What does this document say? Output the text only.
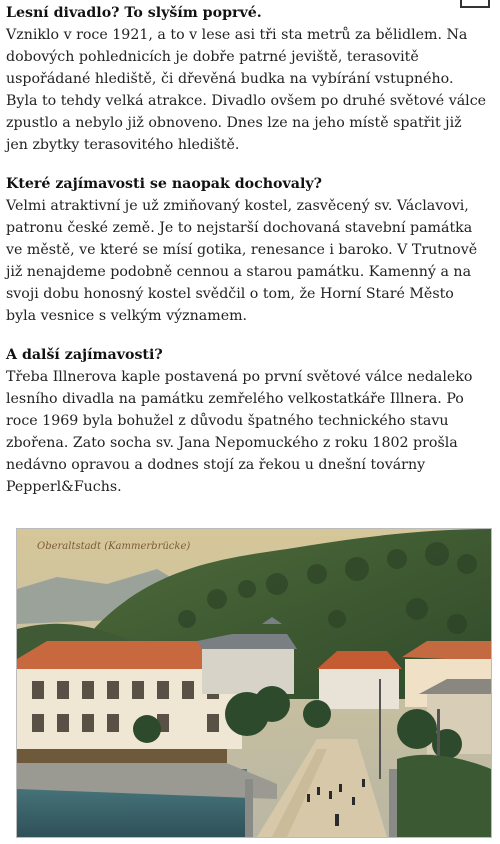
Lesní divadlo? To slyším poprvé.

Vzniklo v roce 1921, a to v lese asi tři sta metrů za bělidlem. Na dobových pohlednicích je dobře patrné jeviště, terasovitě uspořádané hlediště, či dřevěná budka na vybírání vstupného. Byla to tehdy velká atrakce. Divadlo ovšem po druhé světové válce zpustlo a nebylo již obnoveno. Dnes lze na jeho místě spatřit již jen zbytky terasovitého hlediště.

Které zajímavosti se naopak dochovaly?

Velmi atraktivní je už zmiňovaný kostel, zasvěcený sv. Václavovi, patronu české země. Je to nejstarší dochovaná stavební památka ve městě, ve které se mísí gotika, renesance i baroko. V Trutnově již nenajdeme podobně cennou a starou památku. Kamenný a na svoji dobu honosný kostel svědčil o tom, že Horní Staré Město byla vesnice s velkým významem.

A další zajímavosti?

Třeba Illnerova kaple postavená po první světové válce nedaleko lesního divadla na památku zemřelého velkostatkáře Illnera. Po roce 1969 byla bohužel z důvodu špatného technického stavu zbořena. Zato socha sv. Jana Nepomuckého z roku 1802 prošla nedávno opravou a dodnes stojí za řekou u dnešní továrny Pepperl&Fuchs.

Oberaltstadt (Kammerbrücke)
